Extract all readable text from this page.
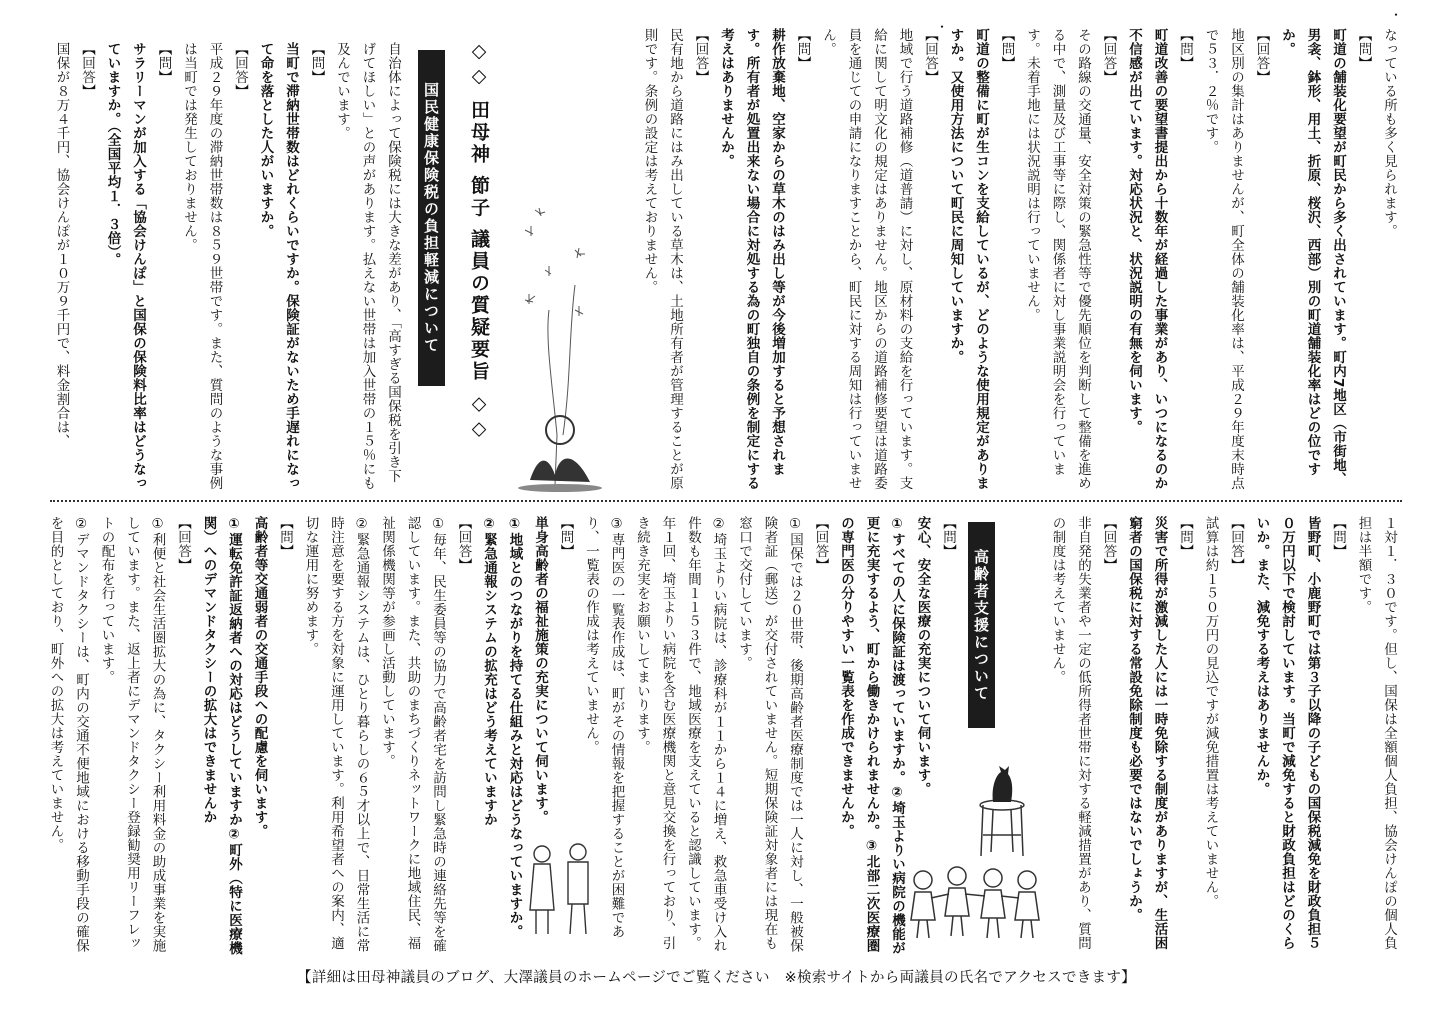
・
・

なっている所も多く見られます。

【問】

町道の舗装化要望が町民から多く出されています。町内7地区（市街地、男衾、鉢形、用土、折原、桜沢、西部）別の町道舗装化率はどの位ですか。

【回答】

地区別の集計はありませんが、町全体の舗装化率は、平成２９年度末時点で５３．２％です。

【問】

町道改善の要望書提出から十数年が経過した事業があり、いつになるのか不信感が出ています。対応状況と、状況説明の有無を伺います。

【回答】

その路線の交通量、安全対策の緊急性等で優先順位を判断して整備を進める中で、測量及び工事等に際し、関係者に対し事業説明会を行っています。未着手地には状況説明は行っていません。

【問】

町道の整備に町が生コンを支給しているが、どのような使用規定がありますか。又使用方法について町民に周知していますか。

【回答】

地域で行う道路補修（道普請）に対し、原材料の支給を行っています。支給に関して明文化の規定はありません。地区からの道路補修要望は道路委員を通じての申請になりますことから、町民に対する周知は行っていません。

【問】

耕作放棄地、空家からの草木のはみ出し等が今後増加すると予想されます。所有者が処置出来ない場合に対処する為の町独自の条例を制定にする考えはありませんか。

【回答】

民有地から道路にはみ出している草木は、土地所有者が管理することが原則です。条例の設定は考えておりません。

◇◇ 田母神 節子 議員の質疑要旨 ◇◇
国民健康保険税の負担軽減について

自治体によって保険税には大きな差があり、「高すぎる国保税を引き下げてほしい」との声があります。払えない世帯は加入世帯の１５％にも及んでいます。

【問】

当町で滞納世帯数はどれくらいですか。保険証がないため手遅れになって命を落とした人がいますか。

【回答】

平成２９年度の滞納世帯数は８５９世帯です。また、質問のような事例は当町では発生しておりません。

【問】

サラリーマンが加入する「協会けんぽ」と国保の保険料比率はどうなっていますか。（全国平均１．３倍）。

【回答】

国保が８万４千円、協会けんぽが１０万９千円で、料金割合は、

１対１．３０です。但し、国保は全額個人負担、協会けんぽの個人負担は半額です。

【問】

皆野町、小鹿野町では第３子以降の子どもの国保税減免を財政負担５０万円以下で検討しています。当町で減免すると財政負担はどのくらいか。また、減免する考えはありませんか。

【回答】

試算は約１５０万円の見込ですが減免措置は考えていません。

【問】

災害で所得が激減した人には一時免除する制度がありますが、生活困窮者の国保税に対する常設免除制度も必要ではないでしょうか。

【回答】

非自発的失業者や一定の低所得者世帯に対する軽減措置があり、質問の制度は考えていません。

高齢者支援について

【問】

安心、安全な医療の充実について伺います。

①すべての人に保険証は渡っていますか。②埼玉よりい病院の機能が更に充実するよう、町から働きかけられませんか。③北部二次医療圏の専門医の分りやすい一覧表を作成できませんか。

【回答】

①国保では２０世帯、後期高齢者医療制度では一人に対し、一般被保険者証（郵送）が交付されていません。短期保険証対象者には現在も窓口で交付しています。

②埼玉よりい病院は、診療科が１１から１４に増え、救急車受け入れ件数も年間１１５３件で、地域医療を支えていると認識しています。年１回、埼玉よりい病院を含む医療機関と意見交換を行っており、引き続き充実をお願いしてまいります。

③専門医の一覧表作成は、町がその情報を把握することが困難であり、一覧表の作成は考えていません。

【問】

単身高齢者の福祉施策の充実について伺います。

①地域とのつながりを持てる仕組みと対応はどうなっていますか。

②緊急通報システムの拡充はどう考えていますか

【回答】

①毎年、民生委員等の協力で高齢者宅を訪問し緊急時の連絡先等を確認しています。また、共助のまちづくりネットワークに地域住民、福祉関係機関等が参画し活動しています。

②緊急通報システムは、ひとり暮らしの６５才以上で、日常生活に常時注意を要する方を対象に運用しています。利用希望者への案内、適切な運用に努めます。

【問】

高齢者等交通弱者の交通手段への配慮を伺います。

①運転免許証返納者への対応はどうしていますか②町外（特に医療機関）へのデマンドタクシーの拡大はできませんか

【回答】

①利便と社会生活圏拡大の為に、タクシー利用料金の助成事業を実施しています。また、返上者にデマンドタクシー登録勧奨用リーフレットの配布を行っています。

②デマンドタクシーは、町内の交通不便地域における移動手段の確保を目的としており、町外への拡大は考えていません。

【詳細は田母神議員のブログ、大澤議員のホームページでご覧ください　※検索サイトから両議員の氏名でアクセスできます】
